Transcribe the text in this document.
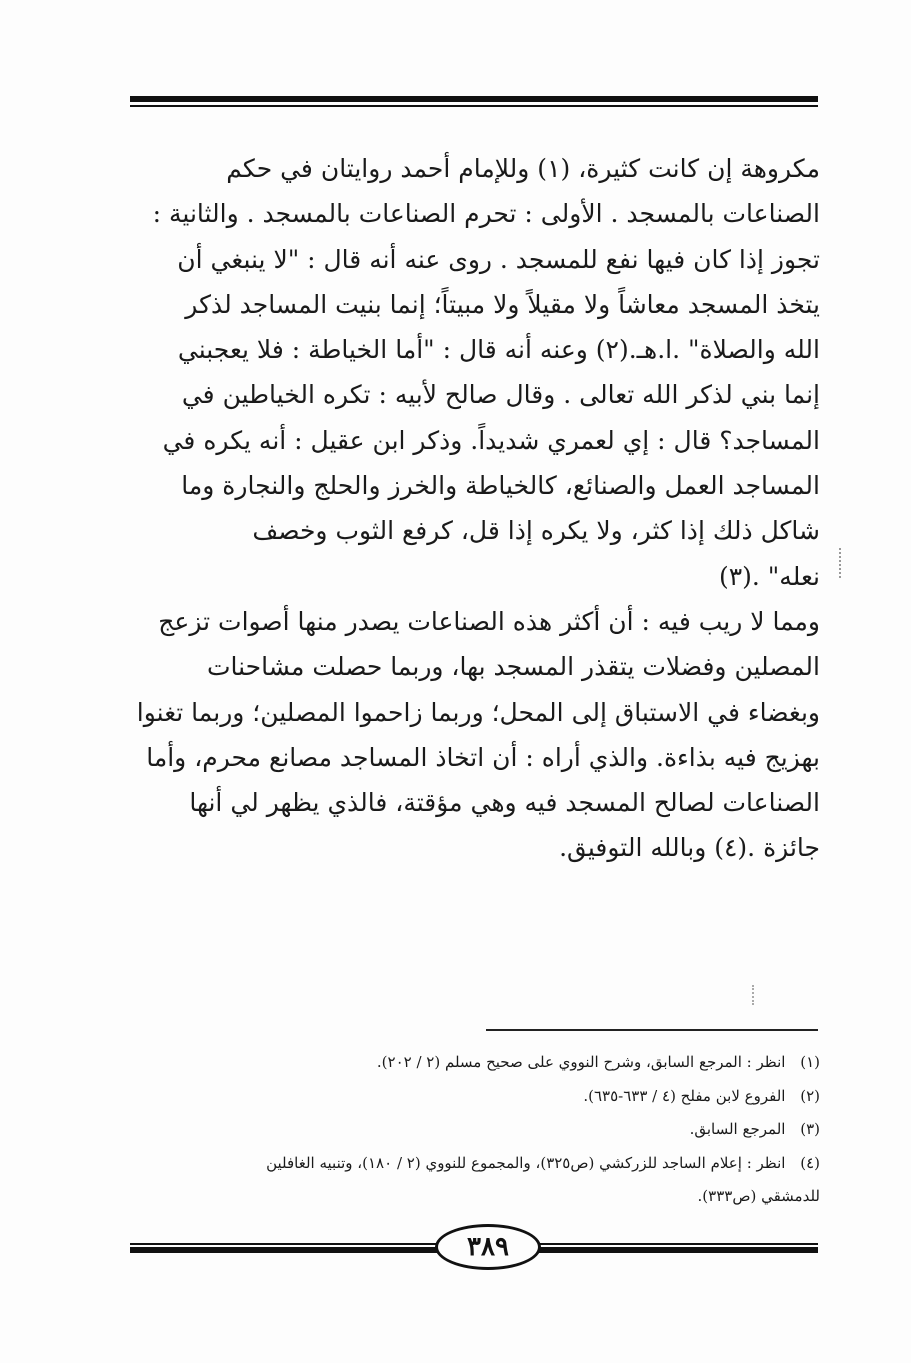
مكروهة إن كانت كثيرة، (١) وللإمام أحمد روايتان في حكم
الصناعات بالمسجد . الأولى : تحرم الصناعات بالمسجد . والثانية :
تجوز إذا كان فيها نفع للمسجد . روى عنه أنه قال : "لا ينبغي أن
يتخذ المسجد معاشاً ولا مقيلاً ولا مبيتاً؛ إنما بنيت المساجد لذكر
الله والصلاة" .ا.هـ.(٢) وعنه أنه قال : "أما الخياطة : فلا يعجبني
إنما بني لذكر الله تعالى . وقال صالح لأبيه : تكره الخياطين في
المساجد؟ قال : إي لعمري شديداً. وذكر ابن عقيل : أنه يكره في
المساجد العمل والصنائع، كالخياطة والخرز والحلج والنجارة وما
شاكل ذلك إذا كثر، ولا يكره إذا قل، كرفع الثوب وخصف
نعله" .(٣)
ومما لا ريب فيه : أن أكثر هذه الصناعات يصدر منها أصوات تزعج
المصلين وفضلات يتقذر المسجد بها، وربما حصلت مشاحنات
وبغضاء في الاستباق إلى المحل؛ وربما زاحموا المصلين؛ وربما تغنوا
بهزيج فيه بذاءة. والذي أراه : أن اتخاذ المساجد مصانع محرم، وأما
الصناعات لصالح المسجد فيه وهي مؤقتة، فالذي يظهر لي أنها
جائزة .(٤) وبالله التوفيق.
(١) انظر : المرجع السابق، وشرح النووي على صحيح مسلم (٢ / ٢٠٢).
(٢) الفروع لابن مفلح (٤ / ٦٣٣-٦٣٥).
(٣) المرجع السابق.
(٤) انظر : إعلام الساجد للزركشي (ص٣٢٥)، والمجموع للنووي (٢ / ١٨٠)، وتنبيه الغافلين
للدمشقي (ص٣٣٣).
٣٨٩
